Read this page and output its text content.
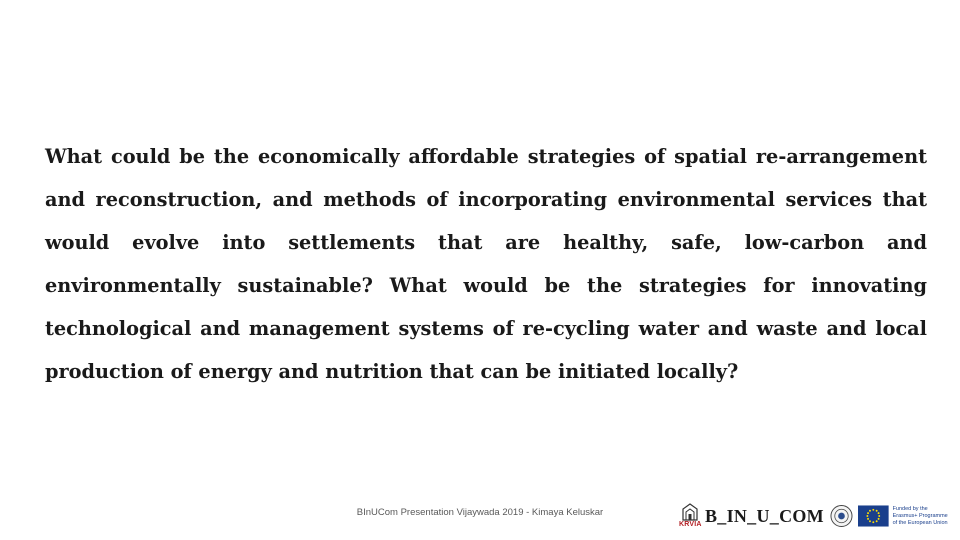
What could be the economically affordable strategies of spatial re-arrangement and reconstruction, and methods of incorporating environmental services that would evolve into settlements that are healthy, safe, low-carbon and environmentally sustainable? What would be the strategies for innovating technological and management systems of re-cycling water and waste and local production of energy and nutrition that can be initiated locally?
BInUCom Presentation Vijaywada 2019 - Kimaya Keluskar
KRVIA B_IN_U_COM	Funded by the
Erasmus+ Programme
of the European Union
